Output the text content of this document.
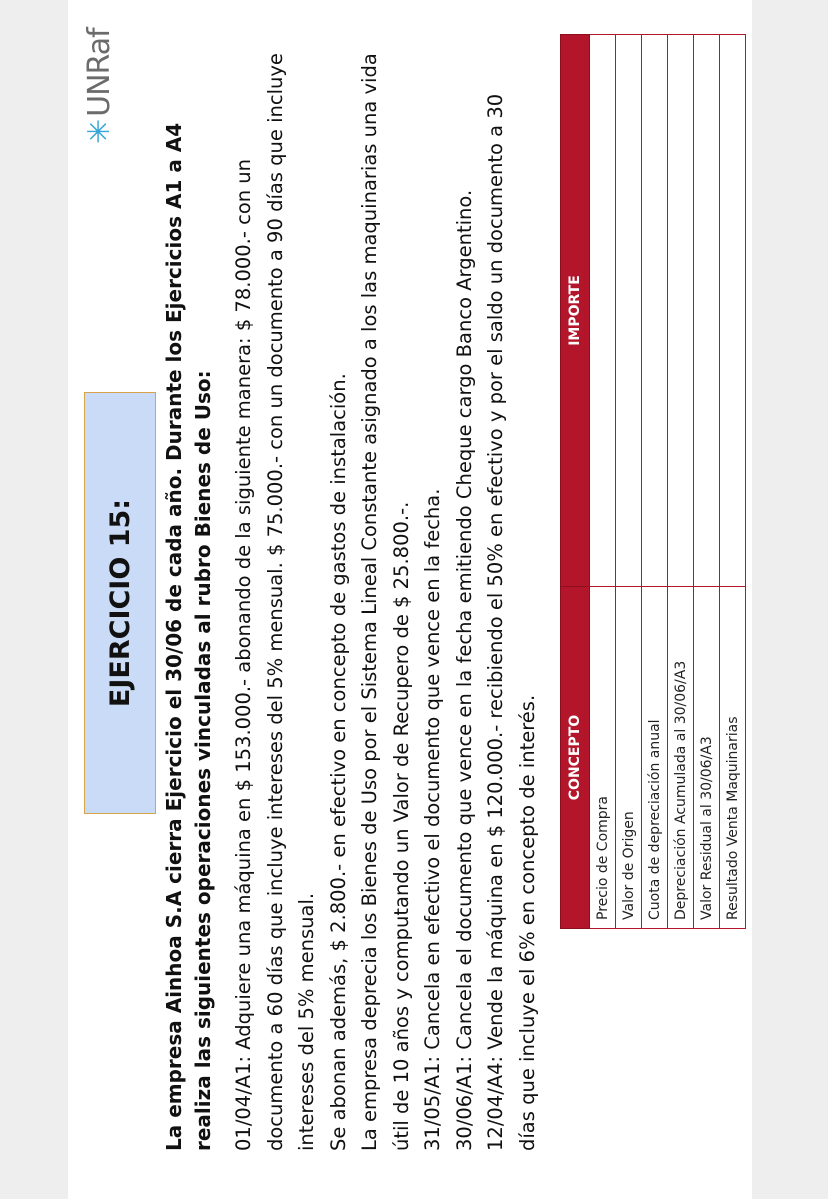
✳UNRaf
EJERCICIO 15: La empresa Ainhoa S.A cierra Ejercicio el 30/06 de cada año. Durante los Ejercicios A1 a A4 realiza las siguientes operaciones vinculadas al rubro Bienes de Uso: 01/04/A1: Adquiere una máquina en $ 153.000.- abonando de la siguiente manera: $ 78.000.- con un documento a 60 días que incluye intereses del 5% mensual. $ 75.000.- con un documento a 90 días que incluye intereses del 5% mensual. Se abonan además, $ 2.800.- en efectivo en concepto de gastos de instalación. La empresa deprecia los Bienes de Uso por el Sistema Lineal Constante asignado a los las maquinarias una vida útil de 10 años y computando un Valor de Recupero de $ 25.800.-. 31/05/A1: Cancela en efectivo el documento que vence en la fecha. 30/06/A1: Cancela el documento que vence en la fecha emitiendo Cheque cargo Banco Argentino. 12/04/A4: Vende la máquina en $ 120.000.- recibiendo el 50% en efectivo y por el saldo un documento a 30 días que incluye el 6% en concepto de interés.	CONCEPTO	IMPORTE
Precio de Compra	
Valor de Origen	
Cuota de depreciación anual	
Depreciación Acumulada al 30/06/A3	
Valor Residual al 30/06/A3	
Resultado Venta Maquinarias	
